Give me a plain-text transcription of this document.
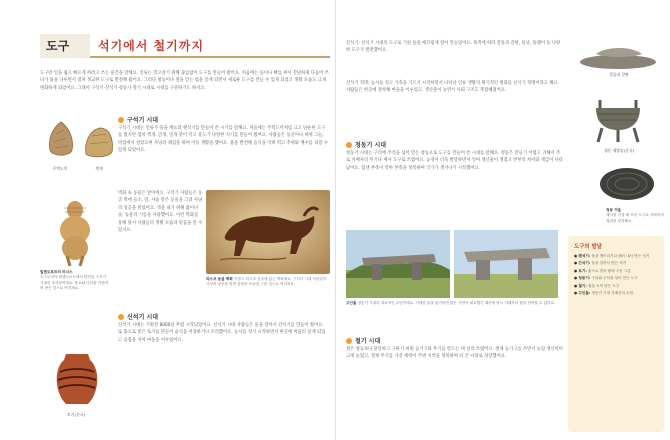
도구	석기에서 철기까지
도구란 일을 쉽고 빠르게 하려고 쓰는 물건을 말해요. 인류는 먹고살기 위해 끊임없이 도구를 만들어 왔어요. 처음에는 돌이나 뼈를 써서 간단하게 다듬어 쓰다가 불을 다루면서 점차 정교한 도구로 발전해 왔어요. 그러다 청동이나 철을 얻는 법을 알게 되면서 새로운 도구를 만들 수 있게 되었고 생활 모습도 크게 변화하게 되었어요. 그래서 구석기·신석기·청동기·철기 시대로 시대를 구분하기도 하지요.
주먹도끼	찍개
빌렌도르프의 비너스
오스트리아 빌렌도르프에서 발견된 구석기 시대의 조각상이에요. 풍요와 다산을 기원하며 만든 것으로 여겨져요.
토기(중국)
구석기 시대
구석기 시대는 인류가 돌을 깨뜨려 뗀석기를 만들어 쓴 시기를 말해요. 처음에는 주먹도끼처럼 크고 단순한 도구를 썼지만 점차 찍개, 긁개, 밀개 같이 작고 용도가 다양한 석기를 만들어 썼어요. 사람들은 동굴이나 바위 그늘, 막집에서 살았으며 사냥과 채집을 하며 이동 생활을 했어요. 불을 발견해 음식을 익혀 먹고 추위와 맹수를 피할 수 있게 되었어요.
벽화 속 동물은 말이에요. 구석기 사람들은 동굴 벽에 들소, 말, 사슴 같은 동물을 그려 사냥의 성공을 빌었어요. 색을 내기 위해 흙이나 숯, 동물의 기름을 사용했어요. 이런 벽화를 통해 당시 사람들의 생활 모습과 믿음을 알 수 있지요.
라스코 동굴 벽화 프랑스 라스코 동굴에 있는 벽화예요. 구석기 시대 사람들이 사냥의 성공을 빌며 동물의 모습을 그린 것으로 여겨져요.
신석기 시대
신석기 시대는 기원전 8000년 무렵 시작되었어요. 신석기 시대 사람들은 돌을 갈아서 간석기를 만들어 썼어요. 또 흙으로 빚은 토기를 만들어 음식을 저장하거나 조리했어요. 농사를 짓기 시작하면서 한곳에 머물러 살게 되었고 움집을 지어 마을을 이루었어요.
간석기: 신석기 시대의 도구로 거친 돌을 매끄럽게 갈아 만들었어요. 목적에 따라 갈돌과 갈판, 돌낫, 돌괭이 등 다양한 도구가 발전했어요.
신석기 혁명: 농사를 짓고 가축을 기르기 시작하면서 나타난 인류 생활의 획기적인 변화를 신석기 혁명이라고 해요. 사람들은 한곳에 정착해 마을을 이루었고, 생산물이 늘면서 사회 구조도 복잡해졌어요.
청동기 시대
청동기 시대는 구리에 주석을 섞어 만든 청동으로 도구를 만들어 쓴 시대를 말해요. 청동은 만들기 어렵고 귀해서 주로 지배자의 무기나 제사 도구로 쓰였어요. 농경이 더욱 발달하면서 잉여 생산물이 생겼고 빈부의 차이와 계급이 나타났어요. 힘센 부족이 약한 부족을 정복하며 국가가 생겨나기 시작했어요.
고인돌 청동기 시대의 대표적인 무덤이에요. 거대한 돌을 옮기려면 많은 사람이 필요했기 때문에 당시 지배자의 힘을 짐작할 수 있어요.
철기 시대
철은 청동보다 단단하고 구하기 쉬워 농기구와 무기를 만드는 데 널리 쓰였어요. 철제 농기구를 쓰면서 농업 생산력이 크게 늘었고, 철제 무기를 가진 세력이 주변 지역을 정복하며 더 큰 나라로 성장했어요.
갈돌과 갈판
청동 세발솥(중국)
청동 거울
제사를 지낼 때 쓰던 도구로 지배자의 권위를 상징해요.
도구의 발달
● 뗀석기: 돌을 깨뜨리거나 떼어 내서 만든 석기
● 간석기: 돌을 갈아서 만든 석기
● 토기: 흙으로 빚어 불에 구운 그릇
● 청동기: 구리와 주석을 섞어 만든 도구
● 철기: 철을 녹여 만든 도구
● 고인돌: 청동기 시대 지배층의 무덤
